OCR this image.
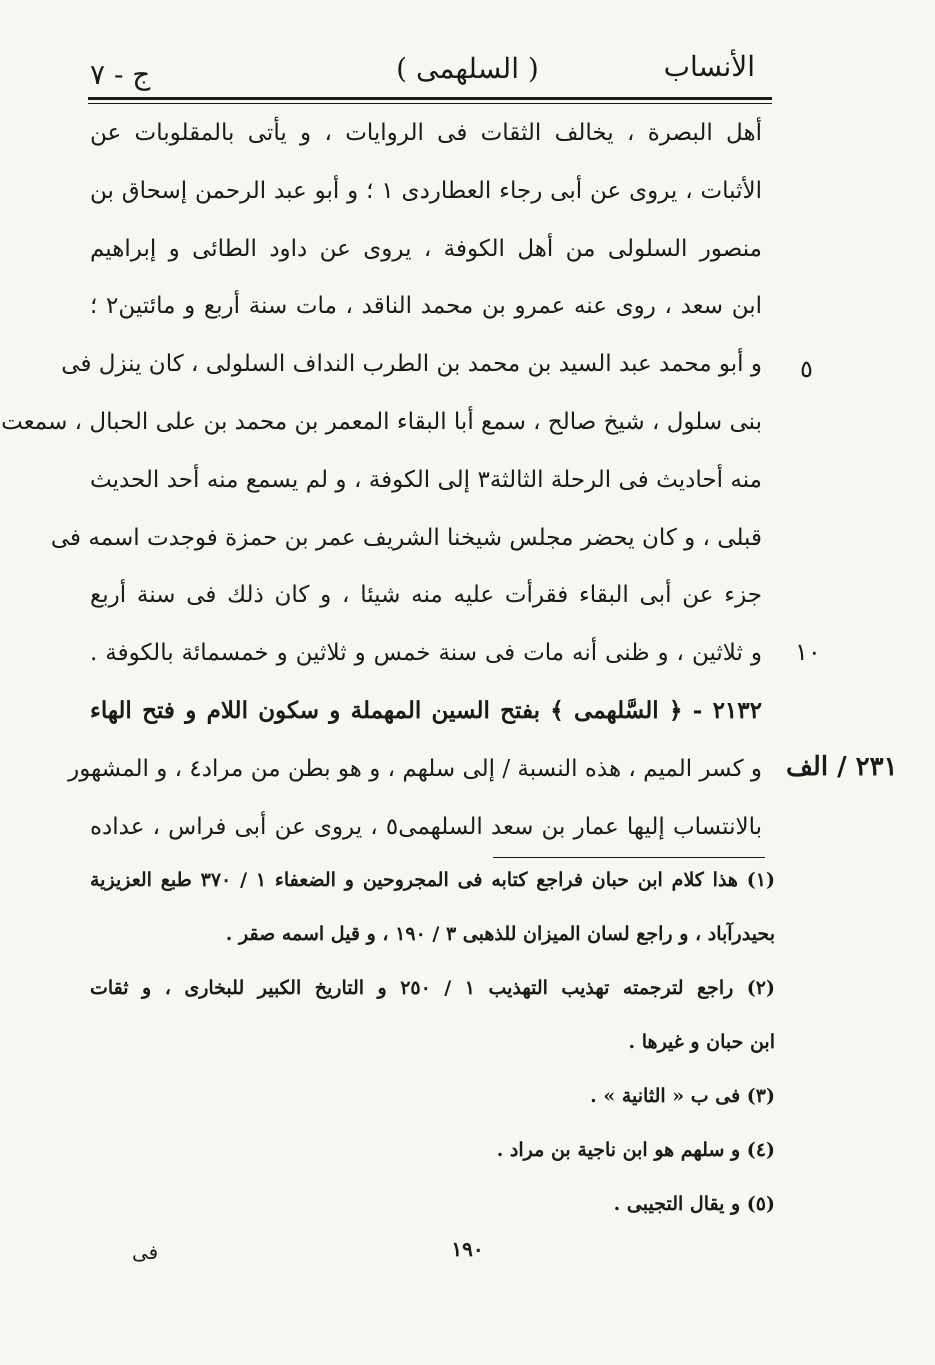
ج - ٧	( السلهمى )	الأنساب
أهل البصرة ، يخالف الثقات فى الروايات ، و يأتى بالمقلوبات عن
الأثبات ، يروى عن أبى رجاء العطاردى ١ ؛ و أبو عبد الرحمن إسحاق بن
منصور السلولى من أهل الكوفة ، يروى عن داود الطائى و إبراهيم
ابن سعد ، روى عنه عمرو بن محمد الناقد ، مات سنة أربع و مائتين٢ ؛
و أبو محمد عبد السيد بن محمد بن الطرب النداف السلولى ، كان ينزل فى
بنى سلول ، شيخ صالح ، سمع أبا البقاء المعمر بن محمد بن على الحبال ، سمعت
منه أحاديث فى الرحلة الثالثة٣ إلى الكوفة ، و لم يسمع منه أحد الحديث
قبلى ، و كان يحضر مجلس شيخنا الشريف عمر بن حمزة فوجدت اسمه فى
جزء عن أبى البقاء فقرأت عليه منه شيئا ، و كان ذلك فى سنة أربع
و ثلاثين ، و ظنى أنه مات فى سنة خمس و ثلاثين و خمسمائة بالكوفة .
٢١٣٢ - ﴿ السَّلهمى ﴾ بفتح السين المهملة و سكون اللام و فتح الهاء
و كسر الميم ، هذه النسبة / إلى سلهم ، و هو بطن من مراد٤ ، و المشهور
بالانتساب إليها عمار بن سعد السلهمى٥ ، يروى عن أبى فراس ، عداده
٥
١٠
٢٣١ / الف
(١) هذا كلام ابن حبان فراجع كتابه فى المجروحين و الضعفاء ١ / ٣٧٠ طبع العزيزية
بحيدرآباد ، و راجع لسان الميزان للذهبى ٣ / ١٩٠ ، و قيل اسمه صقر .
(٢) راجع لترجمته تهذيب التهذيب ١ / ٢٥٠ و التاريخ الكبير للبخارى ، و ثقات
ابن حبان و غيرها .
(٣) فى ب « الثانية » .
(٤) و سلهم هو ابن ناجية بن مراد .
(٥) و يقال التجيبى .
١٩٠
فى
